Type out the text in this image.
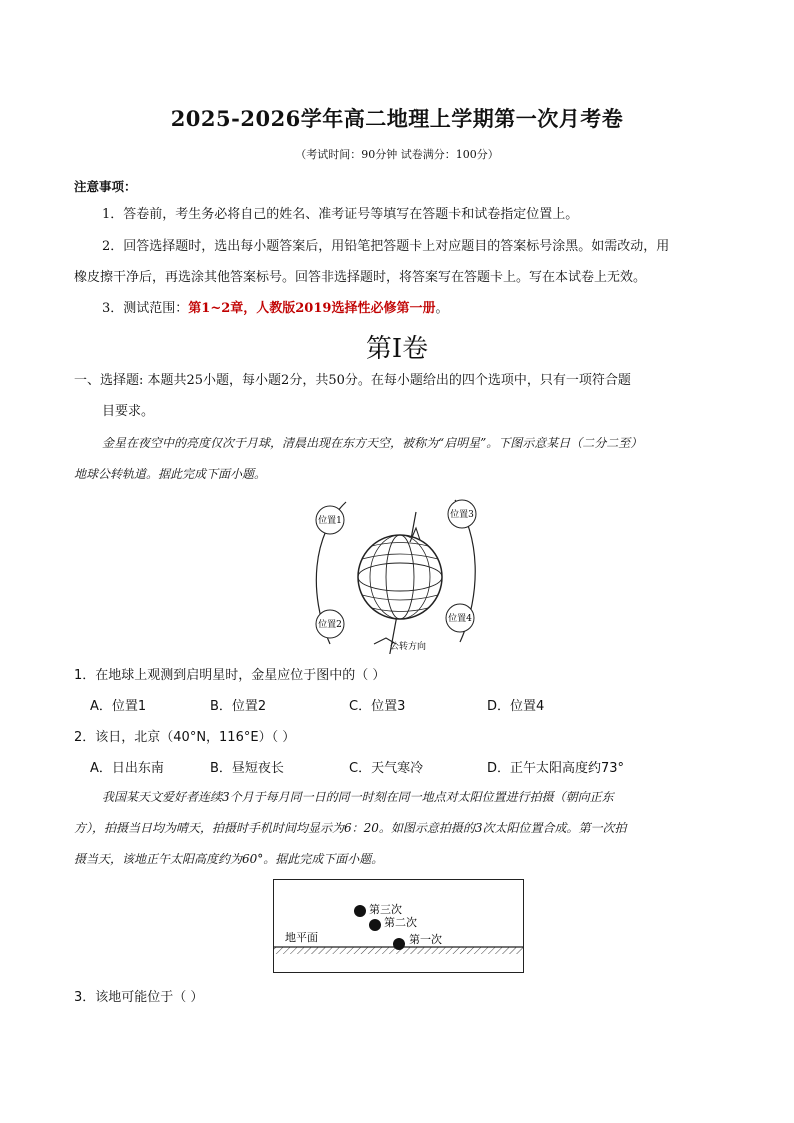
2025-2026学年高二地理上学期第一次月考卷
（考试时间：90分钟 试卷满分：100分）
注意事项：
1．答卷前，考生务必将自己的姓名、准考证号等填写在答题卡和试卷指定位置上。
2．回答选择题时，选出每小题答案后，用铅笔把答题卡上对应题目的答案标号涂黑。如需改动，用
橡皮擦干净后，再选涂其他答案标号。回答非选择题时，将答案写在答题卡上。写在本试卷上无效。
3．测试范围：第1~2章，人教版2019选择性必修第一册。
第Ⅰ卷
一、选择题: 本题共25小题，每小题2分，共50分。在每小题给出的四个选项中，只有一项符合题
目要求。
金星在夜空中的亮度仅次于月球，清晨出现在东方天空，被称为“启明星”。下图示意某日（二分二至）
地球公转轨道。据此完成下面小题。
位置1
位置2
位置3
位置4
公转方向
1．在地球上观测到启明星时，金星应位于图中的（ ）
A．位置1	B．位置2	C．位置3	D．位置4
2．该日，北京（40°N，116°E）（ ）
A．日出东南	B．昼短夜长	C．天气寒冷	D．正午太阳高度约73°
我国某天文爱好者连续3个月于每月同一日的同一时刻在同一地点对太阳位置进行拍摄（朝向正东
方），拍摄当日均为晴天，拍摄时手机时间均显示为6：20。如图示意拍摄的3次太阳位置合成。第一次拍
摄当天，该地正午太阳高度约为60°。据此完成下面小题。
地平面
第三次
第二次
第一次
3．该地可能位于（ ）
